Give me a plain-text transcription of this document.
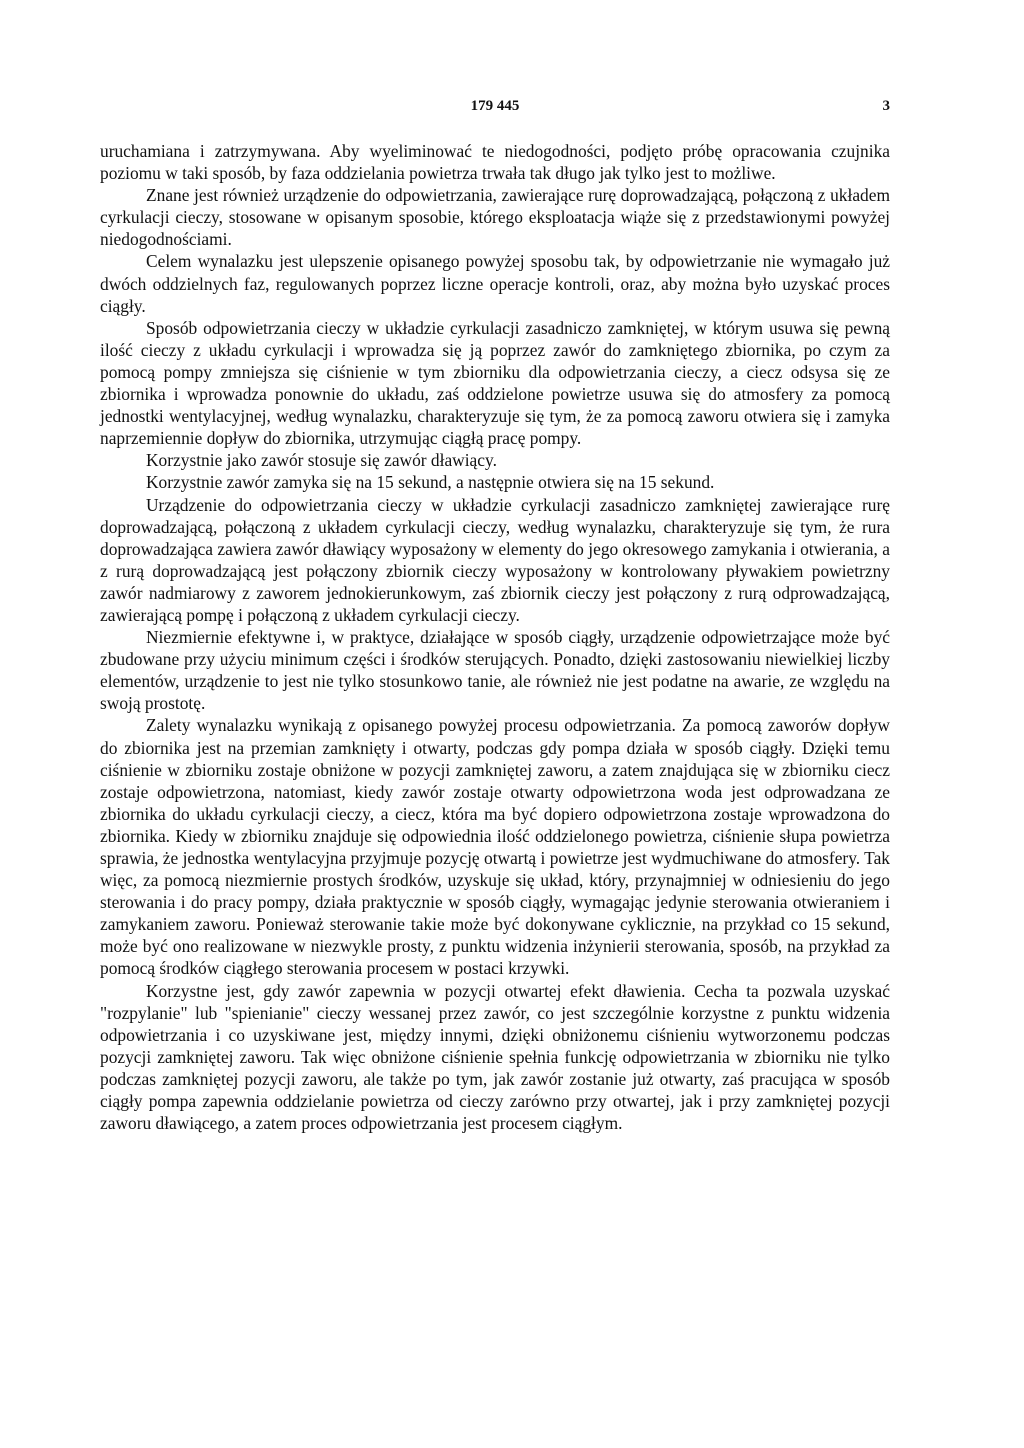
179 445	3

uruchamiana i zatrzymywana. Aby wyeliminować te niedogodności, podjęto próbę opracowania czujnika poziomu w taki sposób, by faza oddzielania powietrza trwała tak długo jak tylko jest to możliwe.

Znane jest również urządzenie do odpowietrzania, zawierające rurę doprowadzającą, połączoną z układem cyrkulacji cieczy, stosowane w opisanym sposobie, którego eksploatacja wiąże się z przedstawionymi powyżej niedogodnościami.

Celem wynalazku jest ulepszenie opisanego powyżej sposobu tak, by odpowietrzanie nie wymagało już dwóch oddzielnych faz, regulowanych poprzez liczne operacje kontroli, oraz, aby można było uzyskać proces ciągły.

Sposób odpowietrzania cieczy w układzie cyrkulacji zasadniczo zamkniętej, w którym usuwa się pewną ilość cieczy z układu cyrkulacji i wprowadza się ją poprzez zawór do zamkniętego zbiornika, po czym za pomocą pompy zmniejsza się ciśnienie w tym zbiorniku dla odpowietrzania cieczy, a ciecz odsysa się ze zbiornika i wprowadza ponownie do układu, zaś oddzielone powietrze usuwa się do atmosfery za pomocą jednostki wentylacyjnej, według wynalazku, charakteryzuje się tym, że za pomocą zaworu otwiera się i zamyka naprzemiennie dopływ do zbiornika, utrzymując ciągłą pracę pompy.

Korzystnie jako zawór stosuje się zawór dławiący.

Korzystnie zawór zamyka się na 15 sekund, a następnie otwiera się na 15 sekund.

Urządzenie do odpowietrzania cieczy w układzie cyrkulacji zasadniczo zamkniętej zawierające rurę doprowadzającą, połączoną z układem cyrkulacji cieczy, według wynalazku, charakteryzuje się tym, że rura doprowadzająca zawiera zawór dławiący wyposażony w elementy do jego okresowego zamykania i otwierania, a z rurą doprowadzającą jest połączony zbiornik cieczy wyposażony w kontrolowany pływakiem powietrzny zawór nadmiarowy z zaworem jednokierunkowym, zaś zbiornik cieczy jest połączony z rurą odprowadzającą, zawierającą pompę i połączoną z układem cyrkulacji cieczy.

Niezmiernie efektywne i, w praktyce, działające w sposób ciągły, urządzenie odpowietrzające może być zbudowane przy użyciu minimum części i środków sterujących. Ponadto, dzięki zastosowaniu niewielkiej liczby elementów, urządzenie to jest nie tylko stosunkowo tanie, ale również nie jest podatne na awarie, ze względu na swoją prostotę.

Zalety wynalazku wynikają z opisanego powyżej procesu odpowietrzania. Za pomocą zaworów dopływ do zbiornika jest na przemian zamknięty i otwarty, podczas gdy pompa działa w sposób ciągły. Dzięki temu ciśnienie w zbiorniku zostaje obniżone w pozycji zamkniętej zaworu, a zatem znajdująca się w zbiorniku ciecz zostaje odpowietrzona, natomiast, kiedy zawór zostaje otwarty odpowietrzona woda jest odprowadzana ze zbiornika do układu cyrkulacji cieczy, a ciecz, która ma być dopiero odpowietrzona zostaje wprowadzona do zbiornika. Kiedy w zbiorniku znajduje się odpowiednia ilość oddzielonego powietrza, ciśnienie słupa powietrza sprawia, że jednostka wentylacyjna przyjmuje pozycję otwartą i powietrze jest wydmuchiwane do atmosfery. Tak więc, za pomocą niezmiernie prostych środków, uzyskuje się układ, który, przynajmniej w odniesieniu do jego sterowania i do pracy pompy, działa praktycznie w sposób ciągły, wymagając jedynie sterowania otwieraniem i zamykaniem zaworu. Ponieważ sterowanie takie może być dokonywane cyklicznie, na przykład co 15 sekund, może być ono realizowane w niezwykle prosty, z punktu widzenia inżynierii sterowania, sposób, na przykład za pomocą środków ciągłego sterowania procesem w postaci krzywki.

Korzystne jest, gdy zawór zapewnia w pozycji otwartej efekt dławienia. Cecha ta pozwala uzyskać "rozpylanie" lub "spienianie" cieczy wessanej przez zawór, co jest szczególnie korzystne z punktu widzenia odpowietrzania i co uzyskiwane jest, między innymi, dzięki obniżonemu ciśnieniu wytworzonemu podczas pozycji zamkniętej zaworu. Tak więc obniżone ciśnienie spełnia funkcję odpowietrzania w zbiorniku nie tylko podczas zamkniętej pozycji zaworu, ale także po tym, jak zawór zostanie już otwarty, zaś pracująca w sposób ciągły pompa zapewnia oddzielanie powietrza od cieczy zarówno przy otwartej, jak i przy zamkniętej pozycji zaworu dławiącego, a zatem proces odpowietrzania jest procesem ciągłym.
